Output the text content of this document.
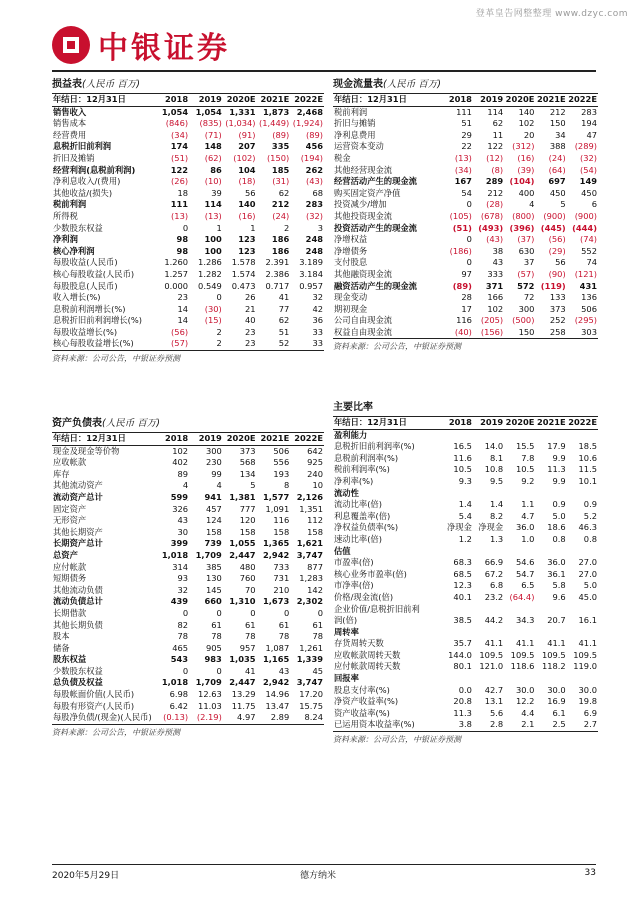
登革皇告网整整理 www.dzyc.com
中银证券
损益表(人民币 百万)
年结日：12月31日	2018	2019	2020E	2021E	2022E
销售收入	1,054	1,054	1,331	1,873	2,468
销售成本	(846)	(835)	(1,034)	(1,449)	(1,924)
经营费用	(34)	(71)	(91)	(89)	(89)
息税折旧前利润	174	148	207	335	456
折旧及摊销	(51)	(62)	(102)	(150)	(194)
经营利润(息税前利润)	122	86	104	185	262
净利息收入/(费用)	(26)	(10)	(18)	(31)	(43)
其他收益/(损失)	18	39	56	62	68
税前利润	111	114	140	212	283
所得税	(13)	(13)	(16)	(24)	(32)
少数股东权益	0	1	1	2	3
净利润	98	100	123	186	248
核心净利润	98	100	123	186	248
每股收益(人民币)	1.260	1.286	1.578	2.391	3.189
核心每股收益(人民币)	1.257	1.282	1.574	2.386	3.184
每股股息(人民币)	0.000	0.549	0.473	0.717	0.957
收入增长(%)	23	0	26	41	32
息税前利润增长(%)	14	(30)	21	77	42
息税折旧前利润增长(%)	14	(15)	40	62	36
每股收益增长(%)	(56)	2	23	51	33
核心每股收益增长(%)	(57)	2	23	52	33
资料来源：公司公告，中银证券预测
现金流量表(人民币 百万)
年结日：12月31日	2018	2019	2020E	2021E	2022E
税前利润	111	114	140	212	283
折旧与摊销	51	62	102	150	194
净利息费用	29	11	20	34	47
运营资本变动	22	122	(312)	388	(289)
税金	(13)	(12)	(16)	(24)	(32)
其他经营现金流	(34)	(8)	(39)	(64)	(54)
经营活动产生的现金流	167	289	(104)	697	149
购买固定资产净值	54	212	400	450	450
投资减少/增加	0	(28)	4	5	6
其他投资现金流	(105)	(678)	(800)	(900)	(900)
投资活动产生的现金流	(51)	(493)	(396)	(445)	(444)
净增权益	0	(43)	(37)	(56)	(74)
净增债务	(186)	38	630	(29)	552
支付股息	0	43	37	56	74
其他融资现金流	97	333	(57)	(90)	(121)
融资活动产生的现金流	(89)	371	572	(119)	431
现金变动	28	166	72	133	136
期初现金	17	102	300	373	506
公司自由现金流	116	(205)	(500)	252	(295)
权益自由现金流	(40)	(156)	150	258	303
资料来源：公司公告，中银证券预测
资产负债表(人民币 百万)
年结日：12月31日	2018	2019	2020E	2021E	2022E
现金及现金等价物	102	300	373	506	642
应收帐款	402	230	568	556	925
库存	89	99	134	193	240
其他流动资产	4	4	5	8	10
流动资产总计	599	941	1,381	1,577	2,126
固定资产	326	457	777	1,091	1,351
无形资产	43	124	120	116	112
其他长期资产	30	158	158	158	158
长期资产总计	399	739	1,055	1,365	1,621
总资产	1,018	1,709	2,447	2,942	3,747
应付帐款	314	385	480	733	877
短期债务	93	130	760	731	1,283
其他流动负债	32	145	70	210	142
流动负债总计	439	660	1,310	1,673	2,302
长期借款	0	0	0	0	0
其他长期负债	82	61	61	61	61
股本	78	78	78	78	78
储备	465	905	957	1,087	1,261
股东权益	543	983	1,035	1,165	1,339
少数股东权益	0	0	41	43	45
总负债及权益	1,018	1,709	2,447	2,942	3,747
每股帐面价值(人民币)	6.98	12.63	13.29	14.96	17.20
每股有形资产(人民币)	6.42	11.03	11.75	13.47	15.75
每股净负债/(现金)(人民币)	(0.13)	(2.19)	4.97	2.89	8.24
资料来源：公司公告，中银证券预测
主要比率
年结日：12月31日	2018	2019	2020E	2021E	2022E
盈利能力					
息税折旧前利润率(%)	16.5	14.0	15.5	17.9	18.5
息税前利润率(%)	11.6	8.1	7.8	9.9	10.6
税前利润率(%)	10.5	10.8	10.5	11.3	11.5
净利率(%)	9.3	9.5	9.2	9.9	10.1
流动性					
流动比率(倍)	1.4	1.4	1.1	0.9	0.9
利息覆盖率(倍)	5.4	8.2	4.7	5.0	5.2
净权益负债率(%)	净现金	净现金	36.0	18.6	46.3
速动比率(倍)	1.2	1.3	1.0	0.8	0.8
估值					
市盈率(倍)	68.3	66.9	54.6	36.0	27.0
核心业务市盈率(倍)	68.5	67.2	54.7	36.1	27.0
市净率(倍)	12.3	6.8	6.5	5.8	5.0
价格/现金流(倍)	40.1	23.2	(64.4)	9.6	45.0
企业价值/息税折旧前利					
润(倍)	38.5	44.2	34.3	20.7	16.1
周转率					
存货周转天数	35.7	41.1	41.1	41.1	41.1
应收帐款周转天数	144.0	109.5	109.5	109.5	109.5
应付帐款周转天数	80.1	121.0	118.6	118.2	119.0
回报率					
股息支付率(%)	0.0	42.7	30.0	30.0	30.0
净资产收益率(%)	20.8	13.1	12.2	16.9	19.8
资产收益率(%)	11.3	5.6	4.4	6.1	6.9
已运用资本收益率(%)	3.8	2.8	2.1	2.5	2.7
资料来源：公司公告，中银证券预测
2020年5月29日	德方纳米	33
